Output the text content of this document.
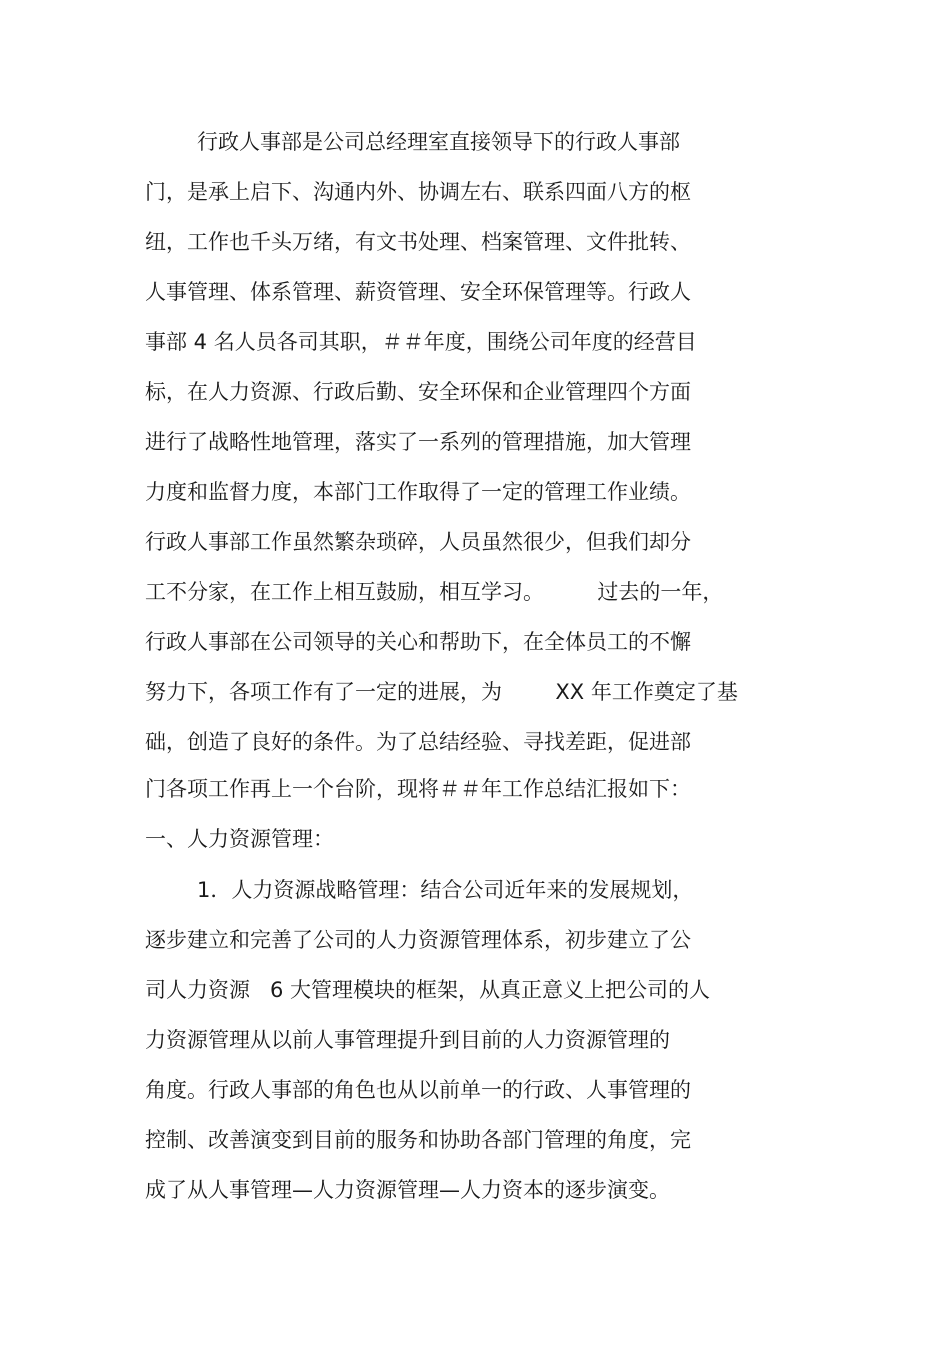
行政人事部是公司总经理室直接领导下的行政人事部
门，是承上启下、沟通内外、协调左右、联系四面八方的枢
纽，工作也千头万绪，有文书处理、档案管理、文件批转、
人事管理、体系管理、薪资管理、安全环保管理等。行政人
事部 4 名人员各司其职，＃＃年度，围绕公司年度的经营目
标，在人力资源、行政后勤、安全环保和企业管理四个方面
进行了战略性地管理，落实了一系列的管理措施，加大管理
力度和监督力度，本部门工作取得了一定的管理工作业绩。
行政人事部工作虽然繁杂琐碎，人员虽然很少，但我们却分
工不分家，在工作上相互鼓励，相互学习。        过去的一年，
行政人事部在公司领导的关心和帮助下，在全体员工的不懈
努力下，各项工作有了一定的进展，为        XX 年工作奠定了基
础，创造了良好的条件。为了总结经验、寻找差距，促进部
门各项工作再上一个台阶，现将＃＃年工作总结汇报如下：
一、人力资源管理：
1．人力资源战略管理：结合公司近年来的发展规划，
逐步建立和完善了公司的人力资源管理体系，初步建立了公
司人力资源   6 大管理模块的框架，从真正意义上把公司的人
力资源管理从以前人事管理提升到目前的人力资源管理的
角度。行政人事部的角色也从以前单一的行政、人事管理的
控制、改善演变到目前的服务和协助各部门管理的角度，完
成了从人事管理—人力资源管理—人力资本的逐步演变。
